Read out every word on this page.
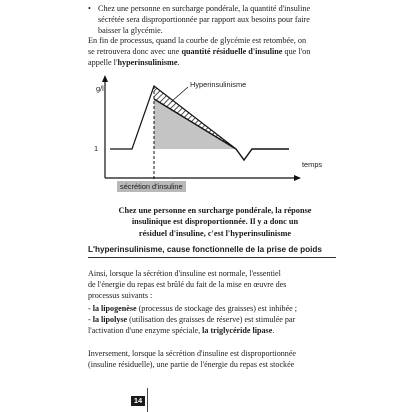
• Chez une personne en surcharge pondérale, la quantité d'insuline

sécrétée sera disproportionnée par rapport aux besoins pour faire

baisser la glycémie.

En fin de processus, quand la courbe de glycémie est retombée, on

se retrouvera donc avec une quantité résiduelle d'insuline que l'on

appelle l'hyperinsulinisme.

g/l
1
temps
Hyperinsulinisme
sécrétion d'insuline
Chez une personne en surcharge pondérale, la réponse
insulinique est disproportionnée. Il y a donc un
résiduel d'insuline, c'est l'hyperinsulinisme
L'hyperinsulinisme, cause fonctionnelle de la prise de poids

Ainsi, lorsque la sécrétion d'insuline est normale, l'essentiel

de l'énergie du repas est brûlé du fait de la mise en œuvre des

processus suivants :

- la lipogenèse (processus de stockage des graisses) est inhibée ;

- la lipolyse (utilisation des graisses de réserve) est stimulée par

l'activation d'une enzyme spéciale, la triglycéride lipase.

Inversement, lorsque la sécrétion d'insuline est disproportionnée

(insuline résiduelle), une partie de l'énergie du repas est stockée

14
